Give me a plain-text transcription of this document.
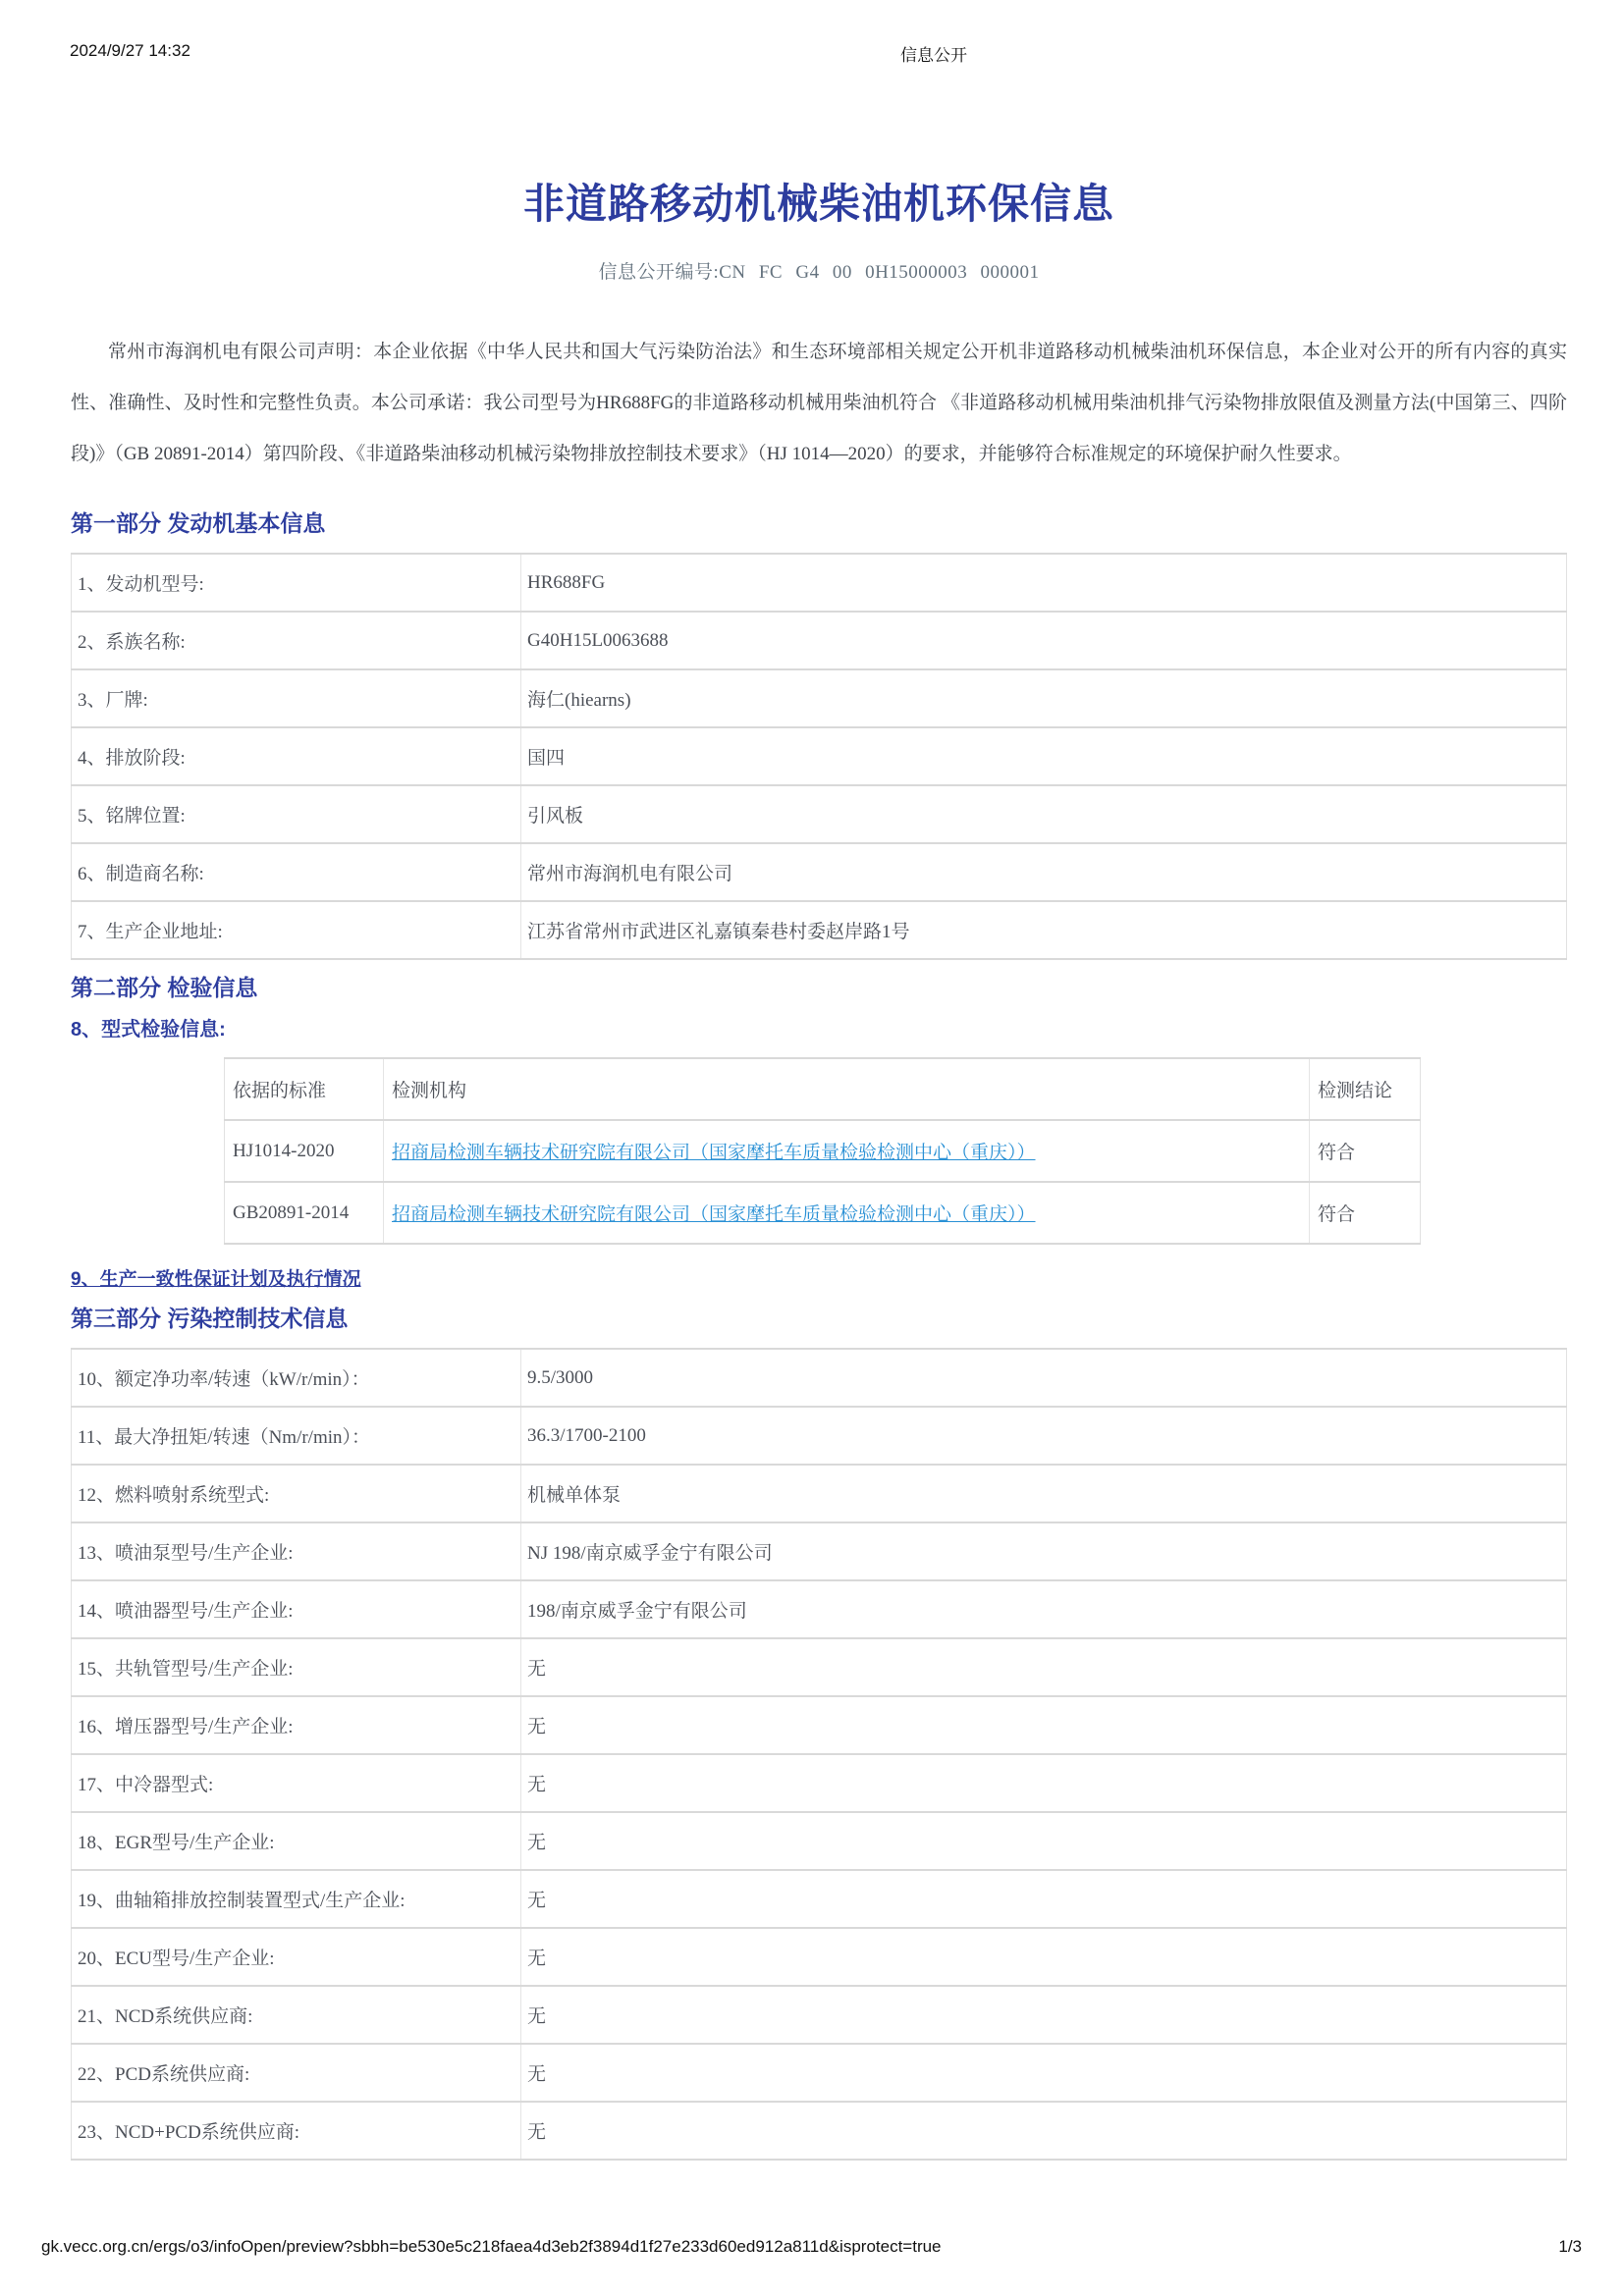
2024/9/27 14:32	信息公开
非道路移动机械柴油机环保信息
信息公开编号:CN FC G4 00 0H15000003 000001

常州市海润机电有限公司声明：本企业依据《中华人民共和国大气污染防治法》和生态环境部相关规定公开机非道路移动机械柴油机环保信息，本企业对公开的所有内容的真实性、准确性、及时性和完整性负责。本公司承诺：我公司型号为HR688FG的非道路移动机械用柴油机符合 《非道路移动机械用柴油机排气污染物排放限值及测量方法(中国第三、四阶段)》（GB 20891-2014）第四阶段、《非道路柴油移动机械污染物排放控制技术要求》（HJ 1014—2020）的要求，并能够符合标准规定的环境保护耐久性要求。

第一部分 发动机基本信息
1、发动机型号:	HR688FG
2、系族名称:	G40H15L0063688
3、厂牌:	海仁(hiearns)
4、排放阶段:	国四
5、铭牌位置:	引风板
6、制造商名称:	常州市海润机电有限公司
7、生产企业地址:	江苏省常州市武进区礼嘉镇秦巷村委赵岸路1号
第二部分 检验信息
8、型式检验信息:
依据的标准	检测机构	检测结论
HJ1014-2020	招商局检测车辆技术研究院有限公司（国家摩托车质量检验检测中心（重庆））	符合
GB20891-2014	招商局检测车辆技术研究院有限公司（国家摩托车质量检验检测中心（重庆））	符合
9、生产一致性保证计划及执行情况
第三部分 污染控制技术信息
10、额定净功率/转速（kW/r/min）：	9.5/3000
11、最大净扭矩/转速（Nm/r/min）：	36.3/1700-2100
12、燃料喷射系统型式:	机械单体泵
13、喷油泵型号/生产企业:	NJ 198/南京威孚金宁有限公司
14、喷油器型号/生产企业:	198/南京威孚金宁有限公司
15、共轨管型号/生产企业:	无
16、增压器型号/生产企业:	无
17、中冷器型式:	无
18、EGR型号/生产企业:	无
19、曲轴箱排放控制装置型式/生产企业:	无
20、ECU型号/生产企业:	无
21、NCD系统供应商:	无
22、PCD系统供应商:	无
23、NCD+PCD系统供应商:	无
gk.vecc.org.cn/ergs/o3/infoOpen/preview?sbbh=be530e5c218faea4d3eb2f3894d1f27e233d60ed912a811d&isprotect=true	1/3
